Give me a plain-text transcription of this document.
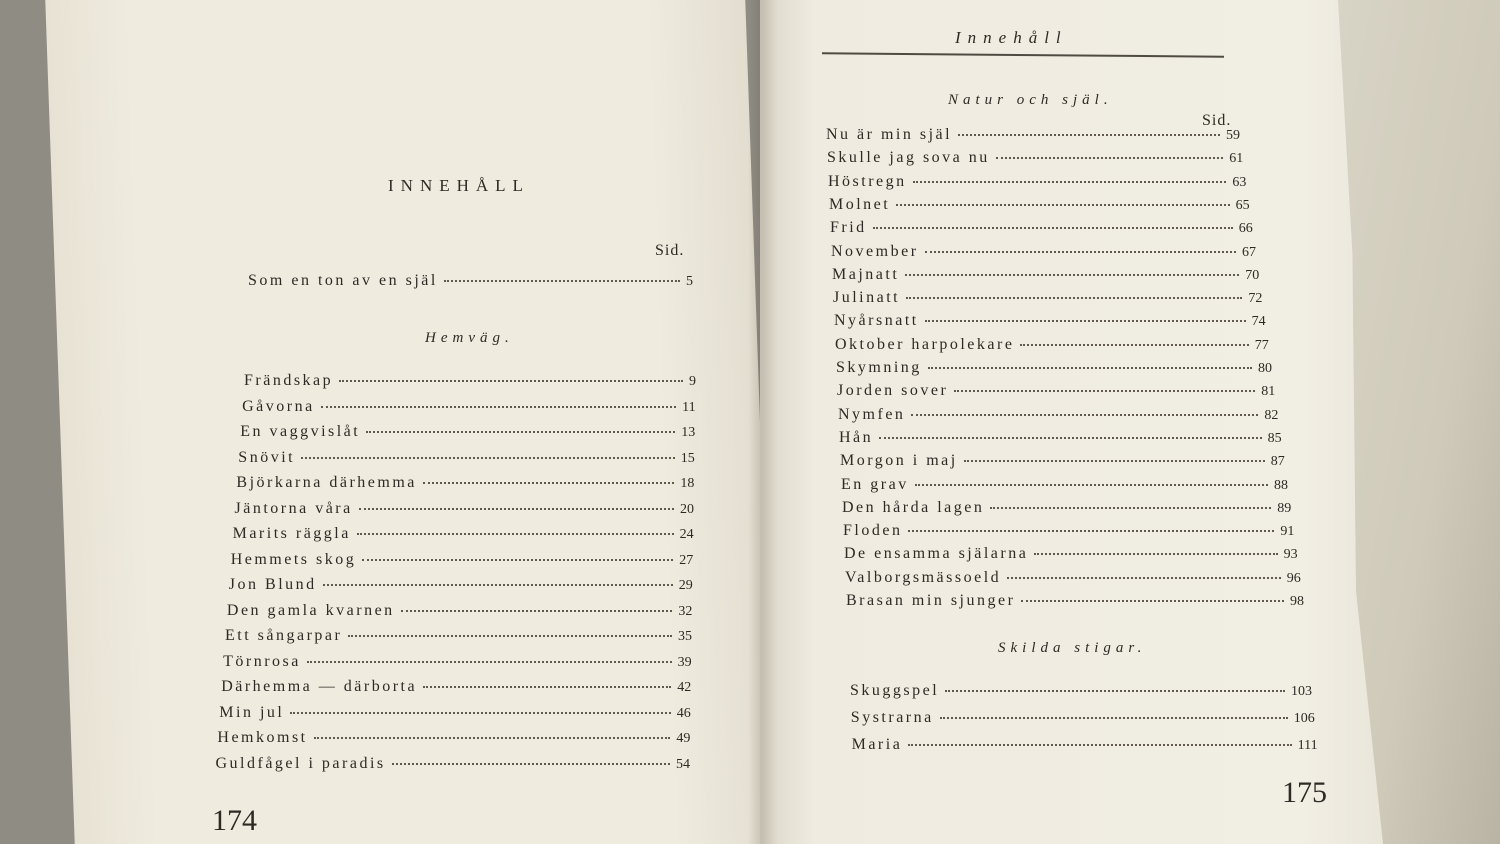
INNEHÅLL
Sid.
Som en ton av en själ	5
Hemväg.
Frändskap	9
Gåvorna	11
En vaggvislåt	13
Snövit	15
Björkarna därhemma	18
Jäntorna våra	20
Marits räggla	24
Hemmets skog	27
Jon Blund	29
Den gamla kvarnen	32
Ett sångarpar	35
Törnrosa	39
Därhemma — därborta	42
Min jul	46
Hemkomst	49
Guldfågel i paradis	54
174
Innehåll
Natur och själ.
Sid.
Nu är min själ	59
Skulle jag sova nu	61
Höstregn	63
Molnet	65
Frid	66
November	67
Majnatt	70
Julinatt	72
Nyårsnatt	74
Oktober harpolekare	77
Skymning	80
Jorden sover	81
Nymfen	82
Hån	85
Morgon i maj	87
En grav	88
Den hårda lagen	89
Floden	91
De ensamma själarna	93
Valborgsmässoeld	96
Brasan min sjunger	98
Skilda stigar.
Skuggspel	103
Systrarna	106
Maria	111
175
